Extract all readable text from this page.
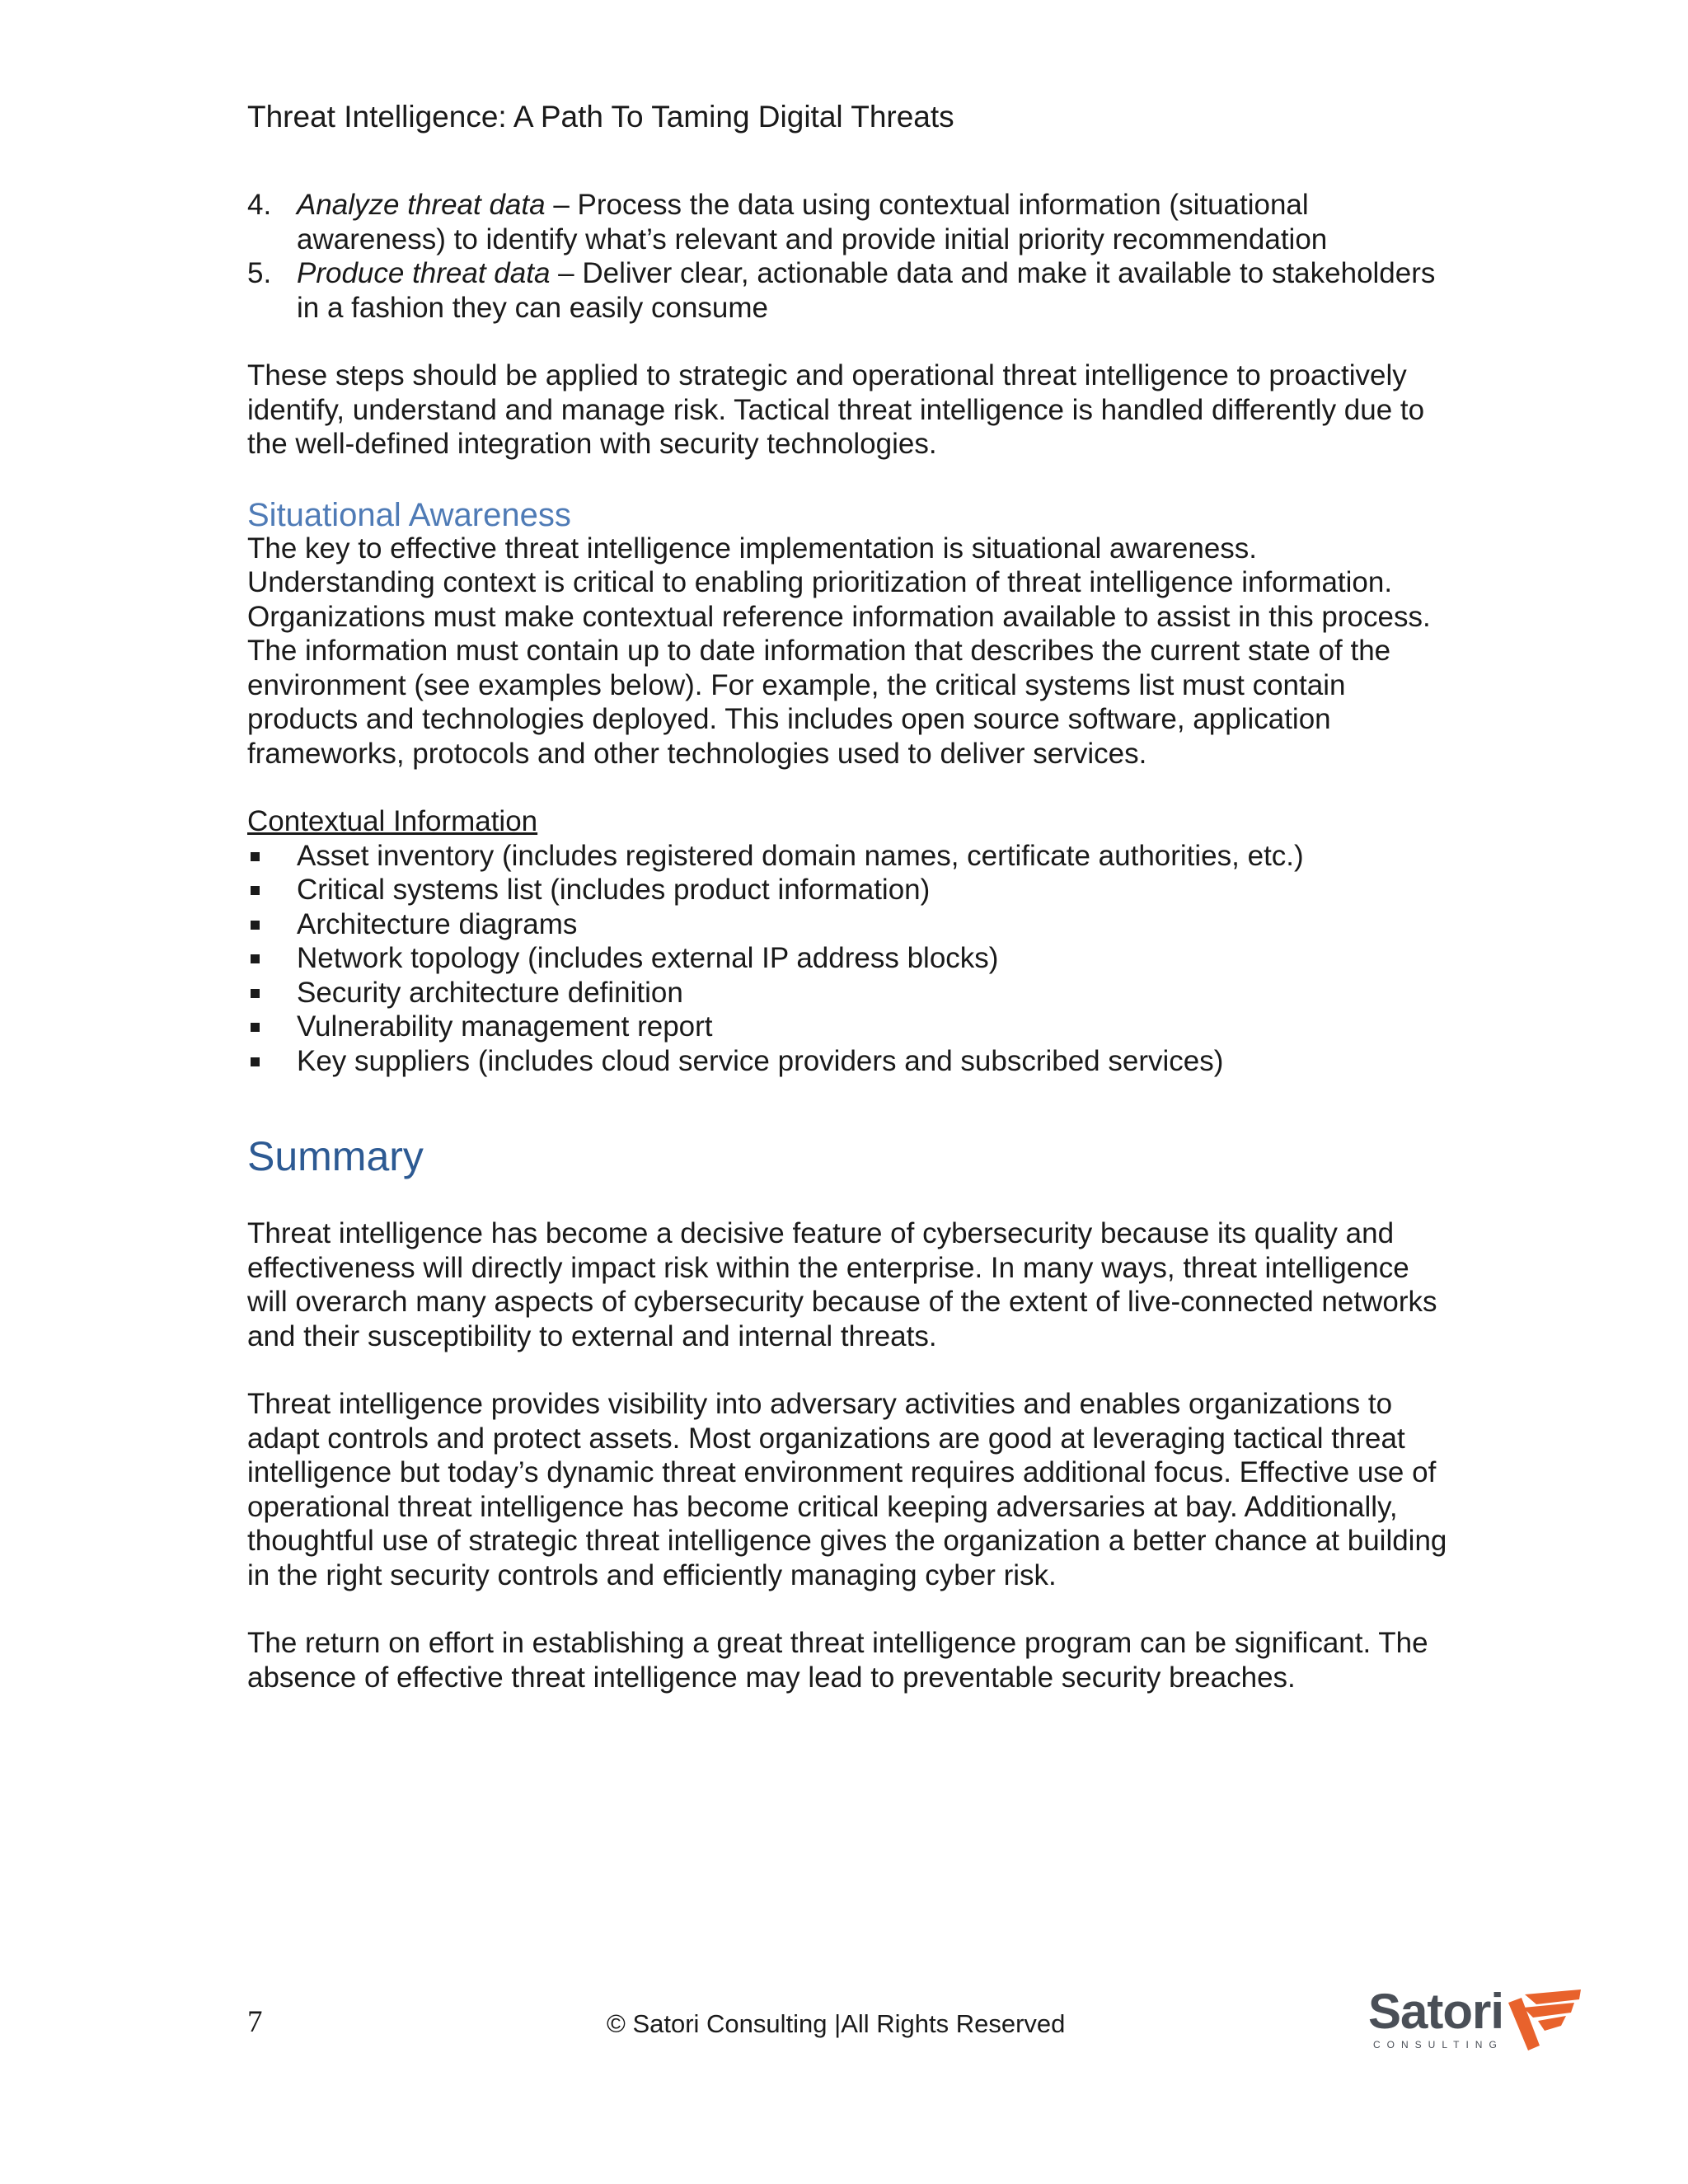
Threat Intelligence: A Path To Taming Digital Threats
4. Analyze threat data – Process the data using contextual information (situational awareness) to identify what’s relevant and provide initial priority recommendation
5. Produce threat data – Deliver clear, actionable data and make it available to stakeholders in a fashion they can easily consume

These steps should be applied to strategic and operational threat intelligence to proactively identify, understand and manage risk. Tactical threat intelligence is handled differently due to the well-defined integration with security technologies.

Situational Awareness

The key to effective threat intelligence implementation is situational awareness. Understanding context is critical to enabling prioritization of threat intelligence information. Organizations must make contextual reference information available to assist in this process. The information must contain up to date information that describes the current state of the environment (see examples below). For example, the critical systems list must contain products and technologies deployed. This includes open source software, application frameworks, protocols and other technologies used to deliver services.

Contextual Information
Asset inventory (includes registered domain names, certificate authorities, etc.)
Critical systems list (includes product information)
Architecture diagrams
Network topology (includes external IP address blocks)
Security architecture definition
Vulnerability management report
Key suppliers (includes cloud service providers and subscribed services)
Summary

Threat intelligence has become a decisive feature of cybersecurity because its quality and effectiveness will directly impact risk within the enterprise. In many ways, threat intelligence will overarch many aspects of cybersecurity because of the extent of live-connected networks and their susceptibility to external and internal threats.

Threat intelligence provides visibility into adversary activities and enables organizations to adapt controls and protect assets. Most organizations are good at leveraging tactical threat intelligence but today’s dynamic threat environment requires additional focus. Effective use of operational threat intelligence has become critical keeping adversaries at bay. Additionally, thoughtful use of strategic threat intelligence gives the organization a better chance at building in the right security controls and efficiently managing cyber risk.

The return on effort in establishing a great threat intelligence program can be significant. The absence of effective threat intelligence may lead to preventable security breaches.

7	© Satori Consulting |All Rights Reserved	Satori
CONSULTING
